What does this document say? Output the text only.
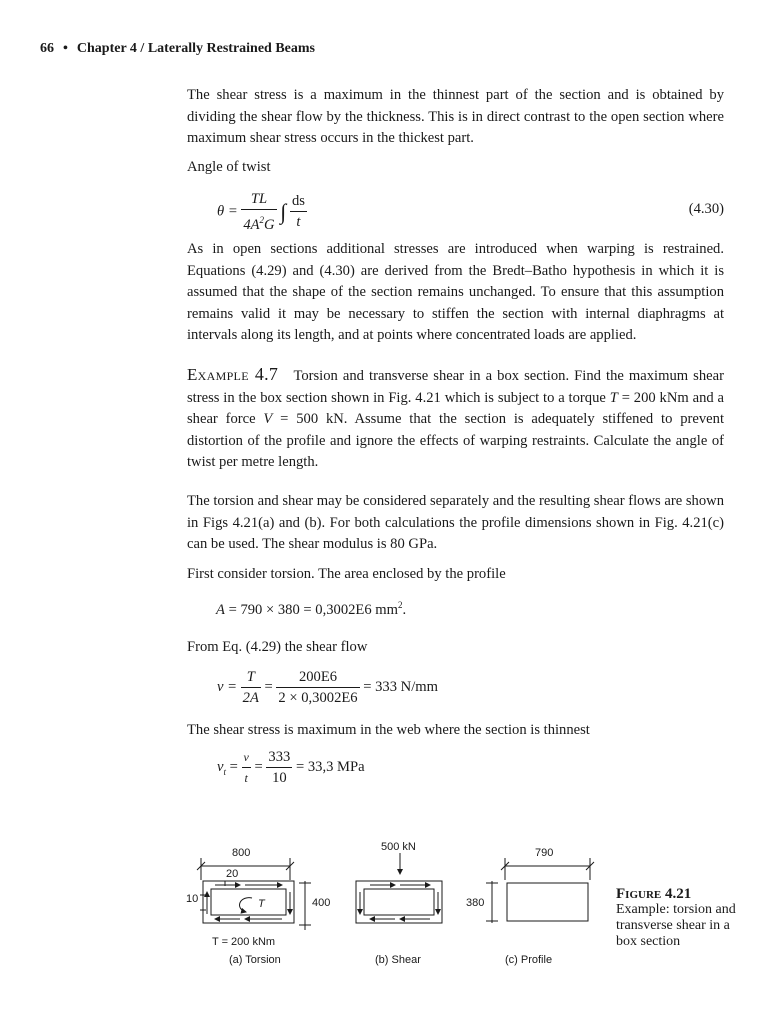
66 • Chapter 4 / Laterally Restrained Beams

The shear stress is a maximum in the thinnest part of the section and is obtained by dividing the shear flow by the thickness. This is in direct contrast to the open section where maximum shear stress occurs in the thickest part.

Angle of twist

$\theta = \frac{TL}{4A^2G}$ ∫ $\frac{ds}{t}$	(4.30)

As in open sections additional stresses are introduced when warping is restrained. Equations (4.29) and (4.30) are derived from the Bredt–Batho hypothesis in which it is assumed that the shape of the section remains unchanged. To ensure that this assumption remains valid it may be necessary to stiffen the section with internal diaphragms at intervals along its length, and at points where concentrated loads are applied.

Example 4.7 Torsion and transverse shear in a box section. Find the maximum shear stress in the box section shown in Fig. 4.21 which is subject to a torque T = 200 kNm and a shear force V = 500 kN. Assume that the section is adequately stiffened to prevent distortion of the profile and ignore the effects of warping restraints. Calculate the angle of twist per metre length.

The torsion and shear may be considered separately and the resulting shear flows are shown in Figs 4.21(a) and (b). For both calculations the profile dimensions shown in Fig. 4.21(c) can be used. The shear modulus is 80 GPa.

First consider torsion. The area enclosed by the profile

A = 790 × 380 = 0,3002E6 $mm^2$.

From Eq. (4.29) the shear flow

$v = \frac{T}{2A} = \frac{200E6}{2 \times 0,3002E6} = 333$ N/mm

The shear stress is maximum in the web where the section is thinnest

$v_t = \frac{v}{t} = \frac{333}{10} = 33,3$ MPa
800
20
10	400
T
T = 200 kNm
(a) Torsion
500 kN
(b) Shear
790
380
(c) Profile
Figure 4.21
Example: torsion and transverse shear in a box section
